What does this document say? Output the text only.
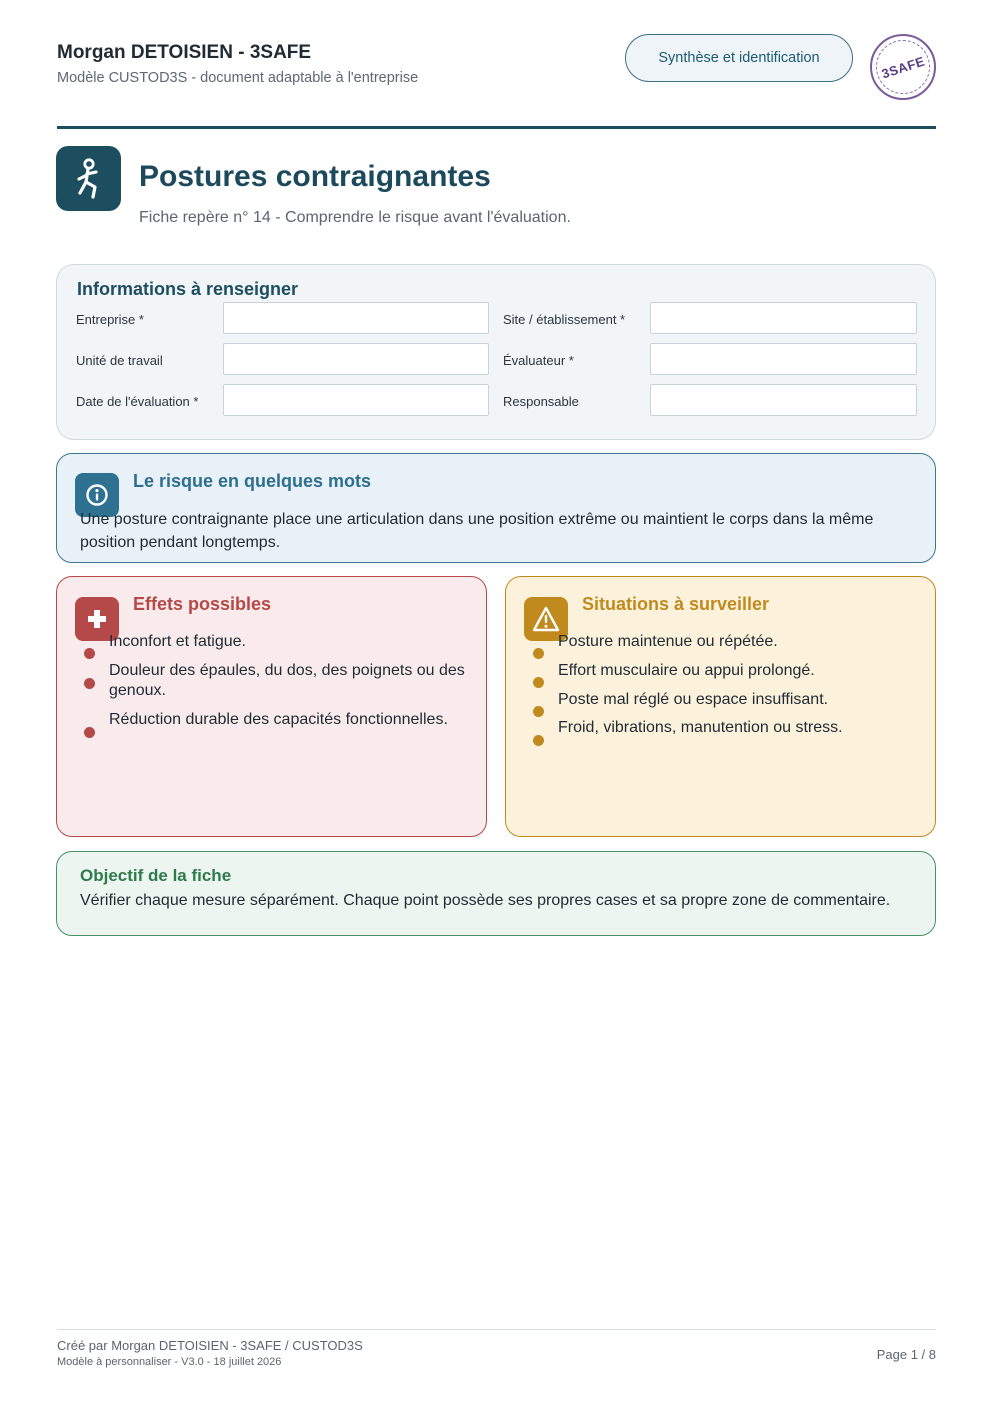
Morgan DETOISIEN - 3SAFE
Modèle CUSTOD3S - document adaptable à l'entreprise
Synthèse et identification	3SAFE
Postures contraignantes
Fiche repère n° 14 - Comprendre le risque avant l'évaluation.
Informations à renseigner
Entreprise *	Site / établissement *
Unité de travail	Évaluateur *
Date de l'évaluation *	Responsable
Le risque en quelques mots
Une posture contraignante place une articulation dans une position extrême ou maintient le corps dans la même position pendant longtemps.
Effets possibles
Inconfort et fatigue.
Douleur des épaules, du dos, des poignets ou des genoux.
Réduction durable des capacités fonctionnelles.
Situations à surveiller
Posture maintenue ou répétée.
Effort musculaire ou appui prolongé.
Poste mal réglé ou espace insuffisant.
Froid, vibrations, manutention ou stress.
Objectif de la fiche
Vérifier chaque mesure séparément. Chaque point possède ses propres cases et sa propre zone de commentaire.
Créé par Morgan DETOISIEN - 3SAFE / CUSTOD3S
Modèle à personnaliser - V3.0 - 18 juillet 2026	Page 1 / 8
